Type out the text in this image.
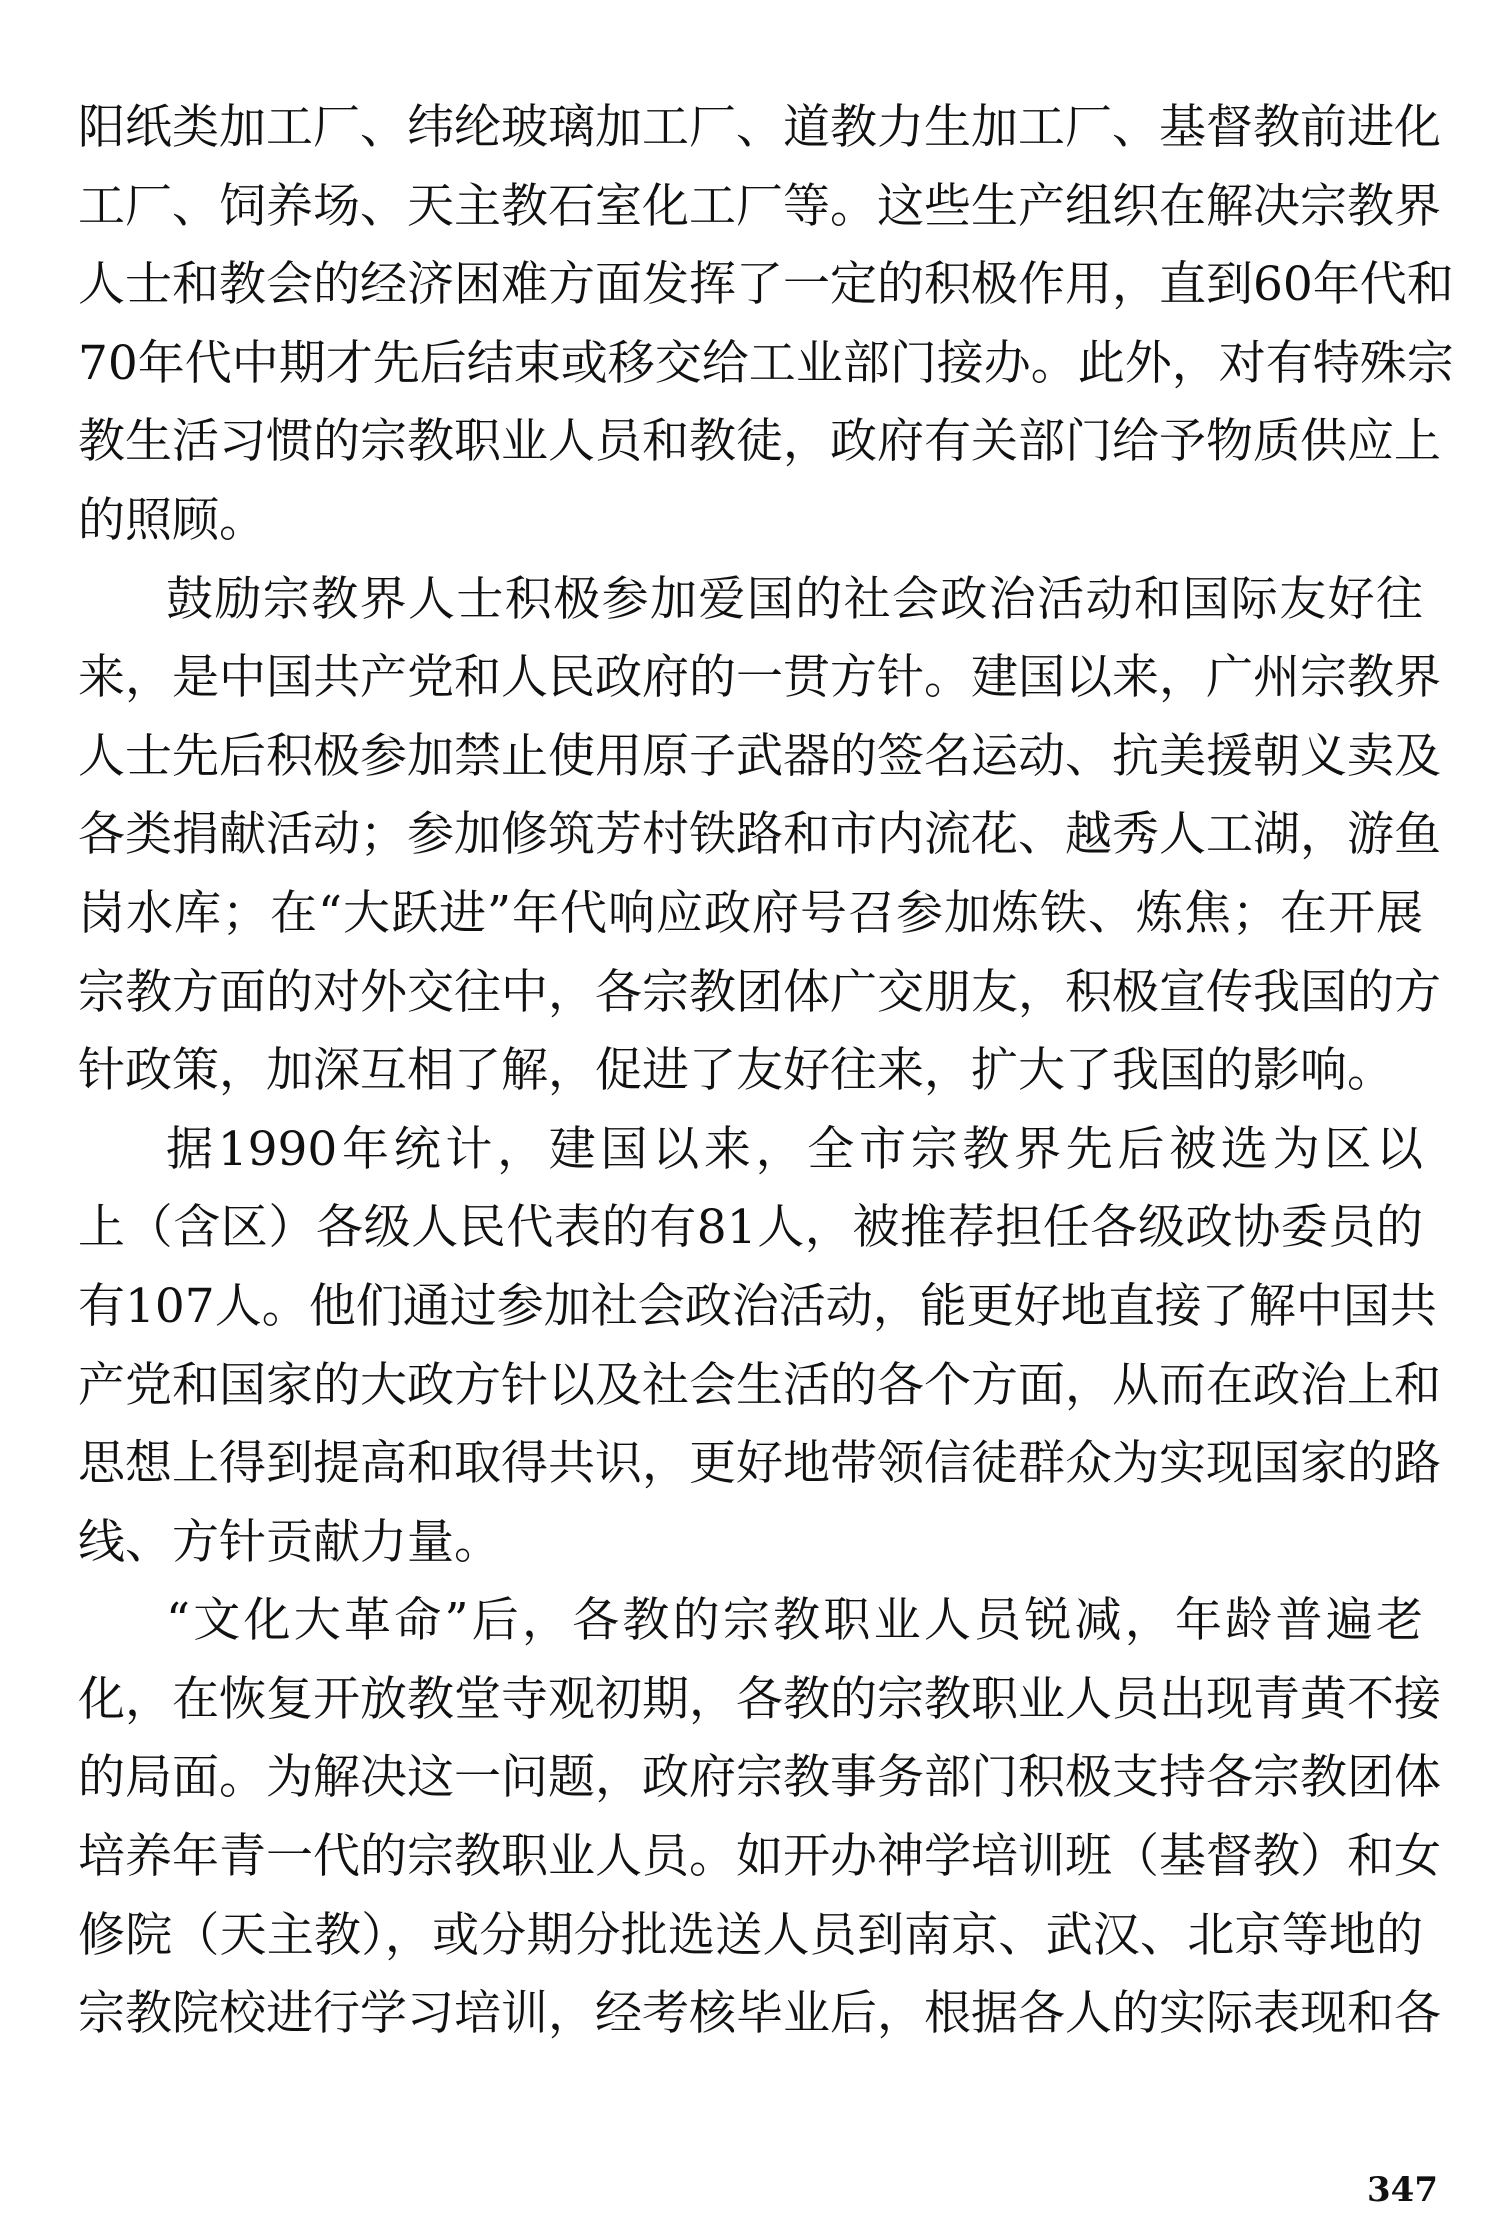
阳纸类加工厂、纬纶玻璃加工厂、道教力生加工厂、基督教前进化
工厂、饲养场、天主教石室化工厂等。这些生产组织在解决宗教界
人士和教会的经济困难方面发挥了一定的积极作用，直到60年代和
70年代中期才先后结束或移交给工业部门接办。此外，对有特殊宗
教生活习惯的宗教职业人员和教徒，政府有关部门给予物质供应上
的照顾。
鼓励宗教界人士积极参加爱国的社会政治活动和国际友好往
来，是中国共产党和人民政府的一贯方针。建国以来，广州宗教界
人士先后积极参加禁止使用原子武器的签名运动、抗美援朝义卖及
各类捐献活动；参加修筑芳村铁路和市内流花、越秀人工湖，游鱼
岗水库；在“大跃进”年代响应政府号召参加炼铁、炼焦；在开展
宗教方面的对外交往中，各宗教团体广交朋友，积极宣传我国的方
针政策，加深互相了解，促进了友好往来，扩大了我国的影响。
据1990年统计，建国以来，全市宗教界先后被选为区以
上（含区）各级人民代表的有81人，被推荐担任各级政协委员的
有107人。他们通过参加社会政治活动，能更好地直接了解中国共
产党和国家的大政方针以及社会生活的各个方面，从而在政治上和
思想上得到提高和取得共识，更好地带领信徒群众为实现国家的路
线、方针贡献力量。
“文化大革命”后，各教的宗教职业人员锐减，年龄普遍老
化，在恢复开放教堂寺观初期，各教的宗教职业人员出现青黄不接
的局面。为解决这一问题，政府宗教事务部门积极支持各宗教团体
培养年青一代的宗教职业人员。如开办神学培训班（基督教）和女
修院（天主教），或分期分批选送人员到南京、武汉、北京等地的
宗教院校进行学习培训，经考核毕业后，根据各人的实际表现和各
347
